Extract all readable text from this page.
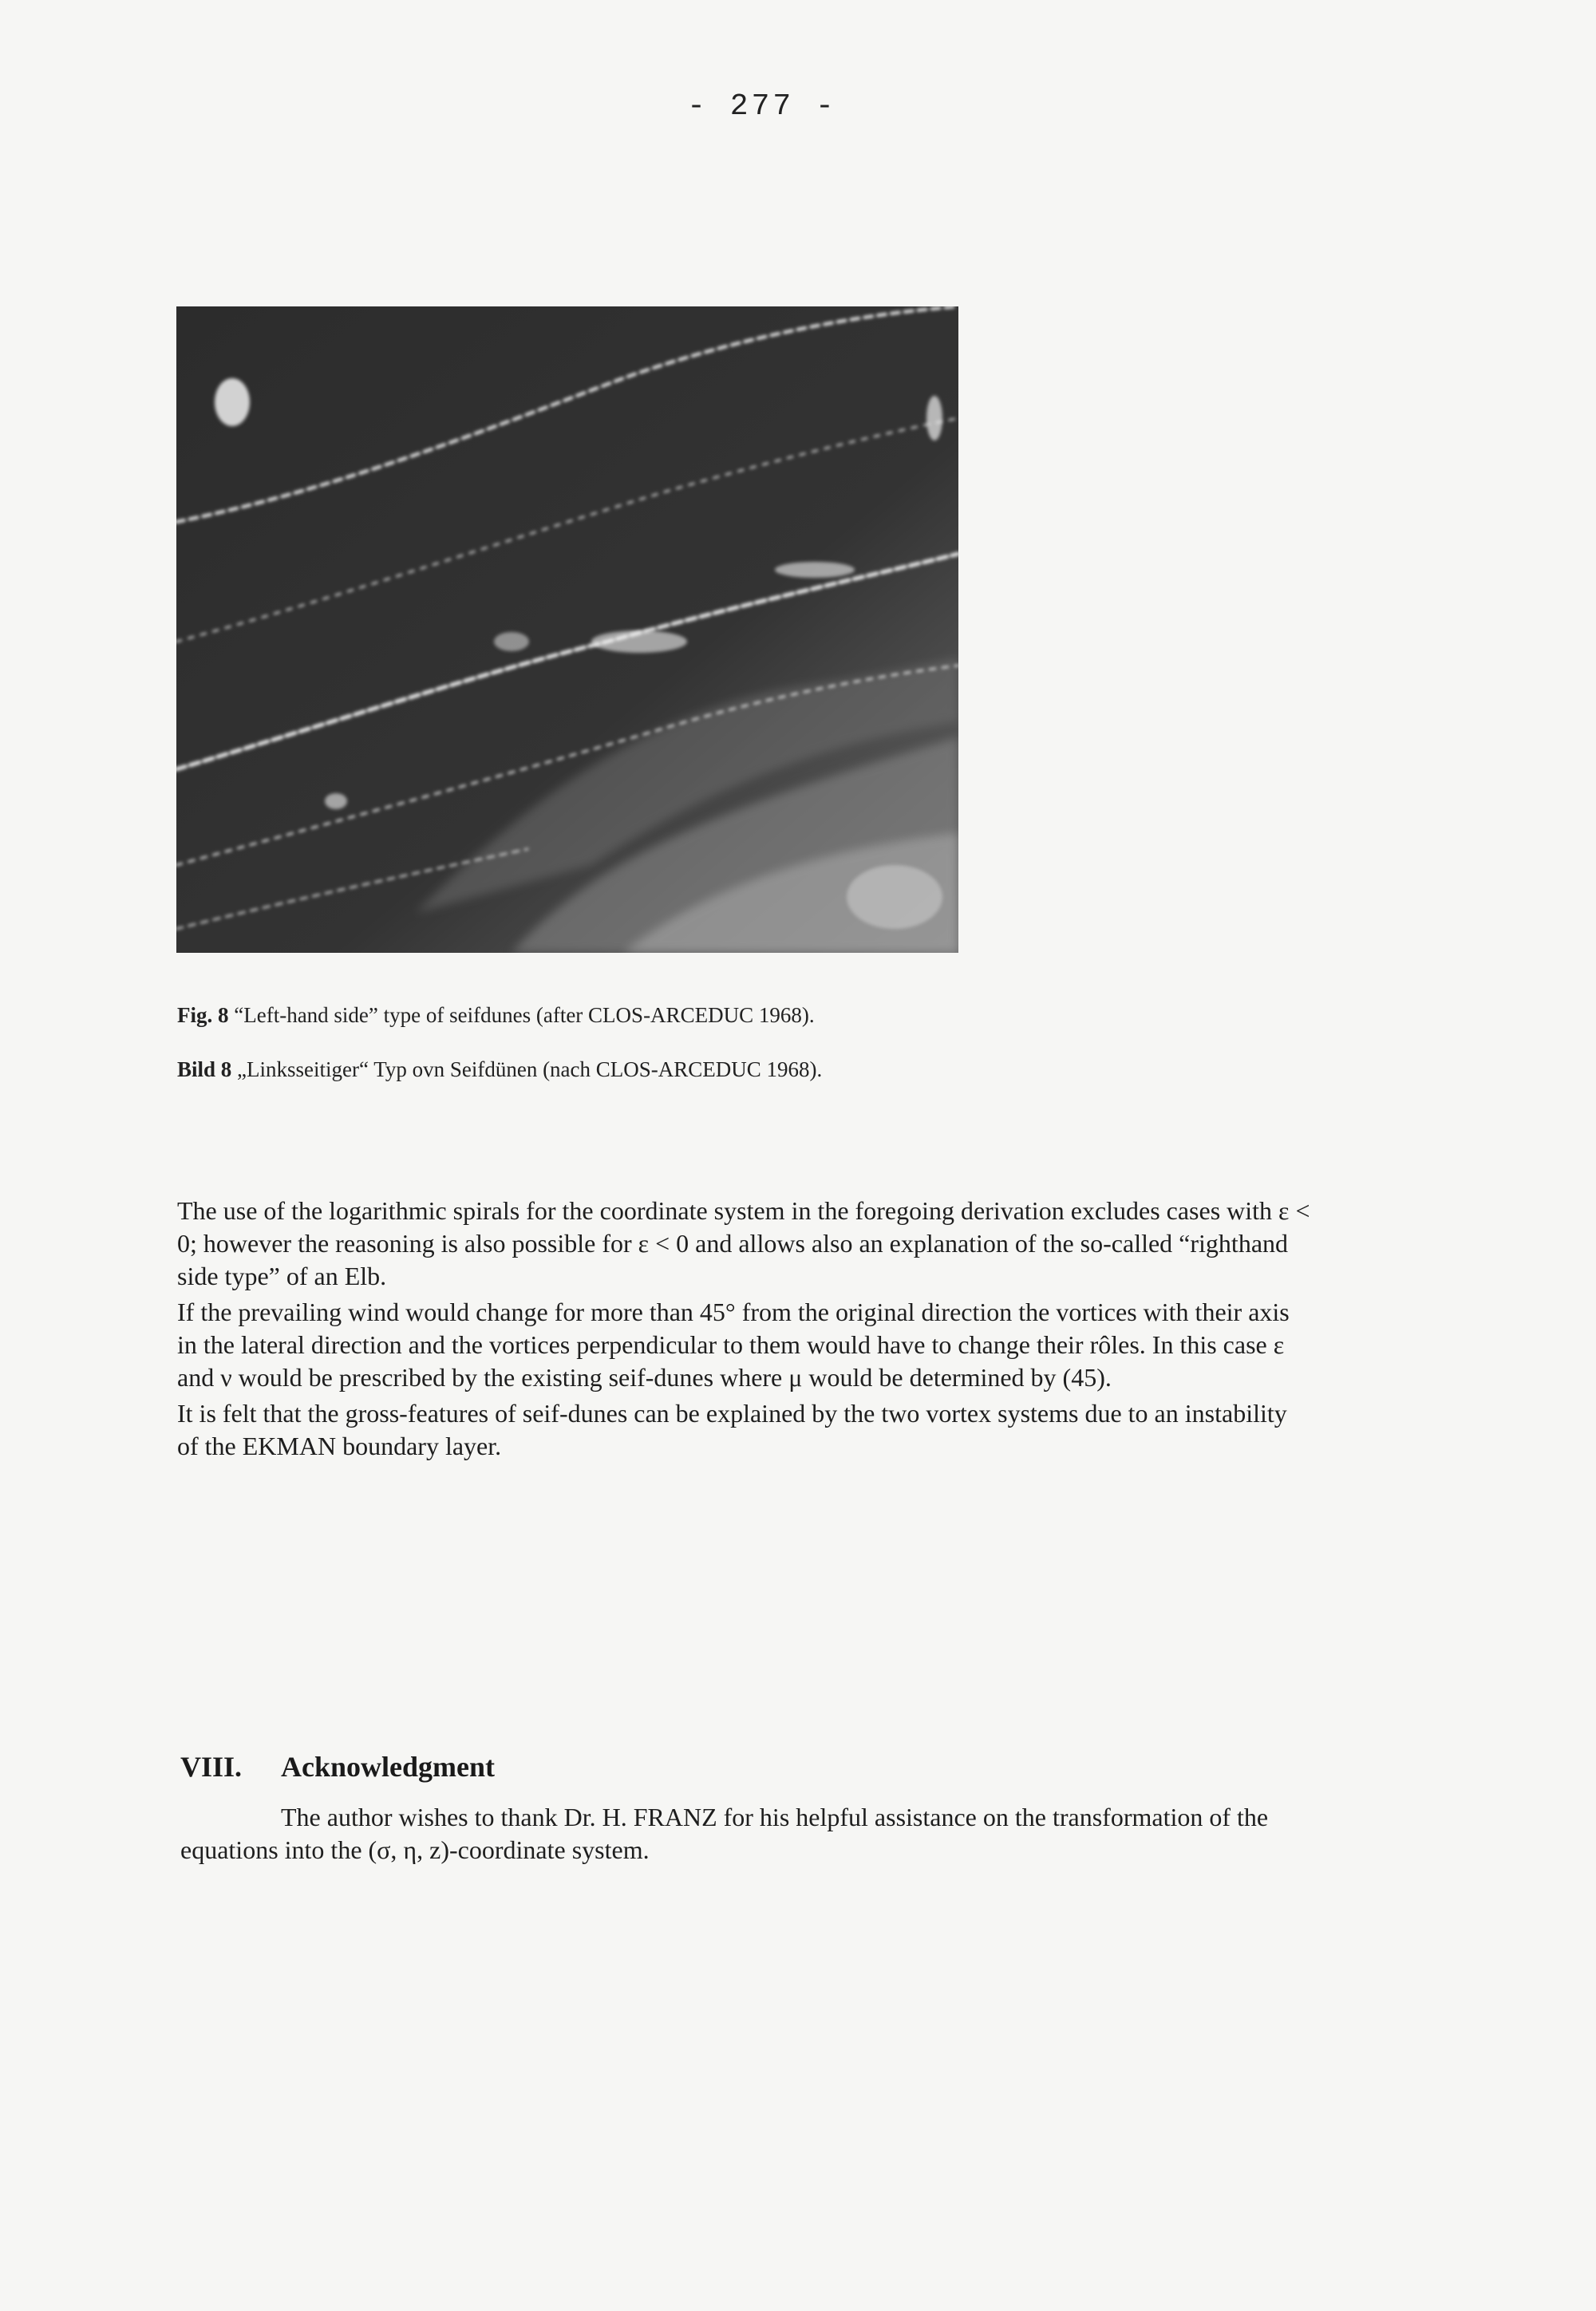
- 277 -
Fig. 8 “Left-hand side” type of seifdunes (after CLOS-ARCEDUC 1968).
Bild 8 „Linksseitiger“ Typ ovn Seifdünen (nach CLOS-ARCEDUC 1968).

The use of the logarithmic spirals for the coordinate system in the foregoing derivation excludes cases with ε < 0; however the reasoning is also possible for ε < 0 and allows also an explanation of the so-called “righthand side type” of an Elb.

If the prevailing wind would change for more than 45° from the original direction the vortices with their axis in the lateral direction and the vortices perpendicular to them would have to change their rôles. In this case ε and ν would be prescribed by the existing seif-dunes where μ would be determined by (45).

It is felt that the gross-features of seif-dunes can be explained by the two vortex systems due to an instability of the EKMAN boundary layer.

VIII. Acknowledgment

The author wishes to thank Dr. H. FRANZ for his helpful assistance on the transformation of the equations into the (σ, η, z)-coordinate system.
